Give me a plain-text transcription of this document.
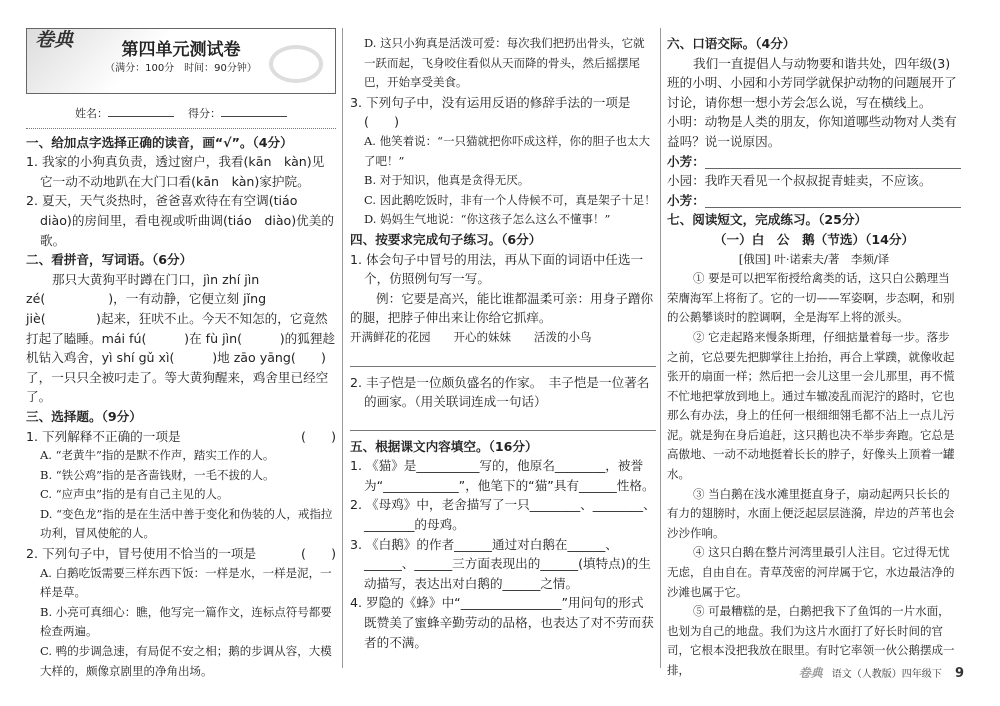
卷典	第四单元测试卷
（满分：100分　时间：90分钟）
姓名：	得分：
一、给加点字选择正确的读音，画“√”。（4分）
1. 我家的小狗真负责，透过窗户，我看(kān　kàn)见它一动不动地趴在大门口看(kān　kàn)家护院。
2. 夏天，天气炎热时，爸爸喜欢待在有空调(tiáo　diào)的房间里，看电视或听曲调(tiáo　diào)优美的歌。
二、看拼音，写词语。（6分）
那只大黄狗平时蹲在门口，jìn zhí jìn zé(　　　　　)，一有动静，它便立刻 jǐng jiè(　　　　)起来，狂吠不止。今天不知怎的，它竟然打起了瞌睡。mái fú(　　　)在 fù jìn(　　　)的狐狸趁机钻入鸡舍，yì shí gǔ xì(　　　)地 zāo yāng(　　)了，一只只全被叼走了。等大黄狗醒来，鸡舍里已经空了。
三、选择题。（9分）
(　　)
1. 下列解释不正确的一项是
A. “老黄牛”指的是默不作声，踏实工作的人。
B. “铁公鸡”指的是吝啬钱财，一毛不拔的人。
C. “应声虫”指的是有自己主见的人。
D. “变色龙”指的是在生活中善于变化和伪装的人，戒指拉功利，冒风使舵的人。
(　　)
2. 下列句子中，冒号使用不恰当的一项是
A. 白鹅吃饭需要三样东西下饭：一样是水，一样是泥，一样是草。
B. 小亮可真细心：瞧，他写完一篇作文，连标点符号都要检查两遍。
C. 鸭的步调急速，有局促不安之相；鹅的步调从容，大模大样的，颇像京剧里的净角出场。
D. 这只小狗真是活泼可爱：每次我们把扔出骨头，它就一跃而起，飞身咬住看似从天而降的骨头，然后摇摆尾巴，开始享受美食。
3. 下列句子中，没有运用反语的修辞手法的一项是(　　)
A. 他笑着说：“一只猫就把你吓成这样，你的胆子也太大了吧！”
B. 对于知识，他真是贪得无厌。
C. 因此鹅吃饭时，非有一个人侍候不可，真是架子十足！
D. 妈妈生气地说：“你这孩子怎么这么不懂事！”
四、按要求完成句子练习。（6分）
1. 体会句子中冒号的用法，再从下面的词语中任选一个，仿照例句写一写。
例：它要是高兴，能比谁都温柔可亲：用身子蹭你的腿，把脖子伸出来让你给它抓痒。
开满鲜花的花园　　开心的妹妹　　活泼的小鸟
2. 丰子恺是一位颇负盛名的作家。　丰子恺是一位著名的画家。（用关联词连成一句话）
五、根据课文内容填空。（16分）
1. 《猫》是__________写的，他原名________，被誉为“____________”，他笔下的“猫”具有______性格。
2. 《母鸡》中，老舍描写了一只________、________、________的母鸡。
3. 《白鹅》的作者______通过对白鹅在______、______、______三方面表现出的______(填特点)的生动描写，表达出对白鹅的______之情。
4. 罗隐的《蜂》中“________________”用问句的形式既赞美了蜜蜂辛勤劳动的品格，也表达了对不劳而获者的不满。
六、口语交际。（4分）
我们一直提倡人与动物要和谐共处，四年级(3)班的小明、小园和小芳同学就保护动物的问题展开了讨论，请你想一想小芳会怎么说，写在横线上。
小明：动物是人类的朋友，你知道哪些动物对人类有益吗？说一说原因。
小芳：
小园：我昨天看见一个叔叔捉青蛙卖，不应该。
小芳：
七、阅读短文，完成练习。（25分）
（一）白　公　鹅（节选）（14分）
[俄国] 叶·诺索夫/著　李频/译
① 要是可以把军衔授给禽类的话，这只白公鹅理当荣膺海军上将衔了。它的一切——军姿啊，步态啊，和别的公鹅攀谈时的腔调啊，全是海军上将的派头。
② 它走起路来慢条斯理，仔细掂量着每一步。落步之前，它总要先把脚掌往上抬抬，再合上掌蹼，就像收起张开的扇面一样；然后把一会儿这里一会儿那里，再不慌不忙地把掌放到地上。通过车辙凌乱而泥泞的路时，它也那么有办法，身上的任何一根细细翎毛都不沾上一点儿污泥。就是狗在身后追赶，这只鹅也决不举步奔跑。它总是高傲地、一动不动地挺着长长的脖子，好像头上顶着一罐水。
③ 当白鹅在浅水滩里挺直身子，扇动起两只长长的有力的翅膀时，水面上便泛起层层涟漪，岸边的芦苇也会沙沙作响。
④ 这只白鹅在整片河湾里最引人注目。它过得无忧无虑，自由自在。青草茂密的河岸属于它，水边最洁净的沙滩也属于它。
⑤ 可最糟糕的是，白鹅把我下了鱼饵的一片水面，也划为自己的地盘。我们为这片水面打了好长时间的官司，它根本没把我放在眼里。有时它率领一伙公鹅摆成一排，	卷典 语文（人教版）四年级下 9
